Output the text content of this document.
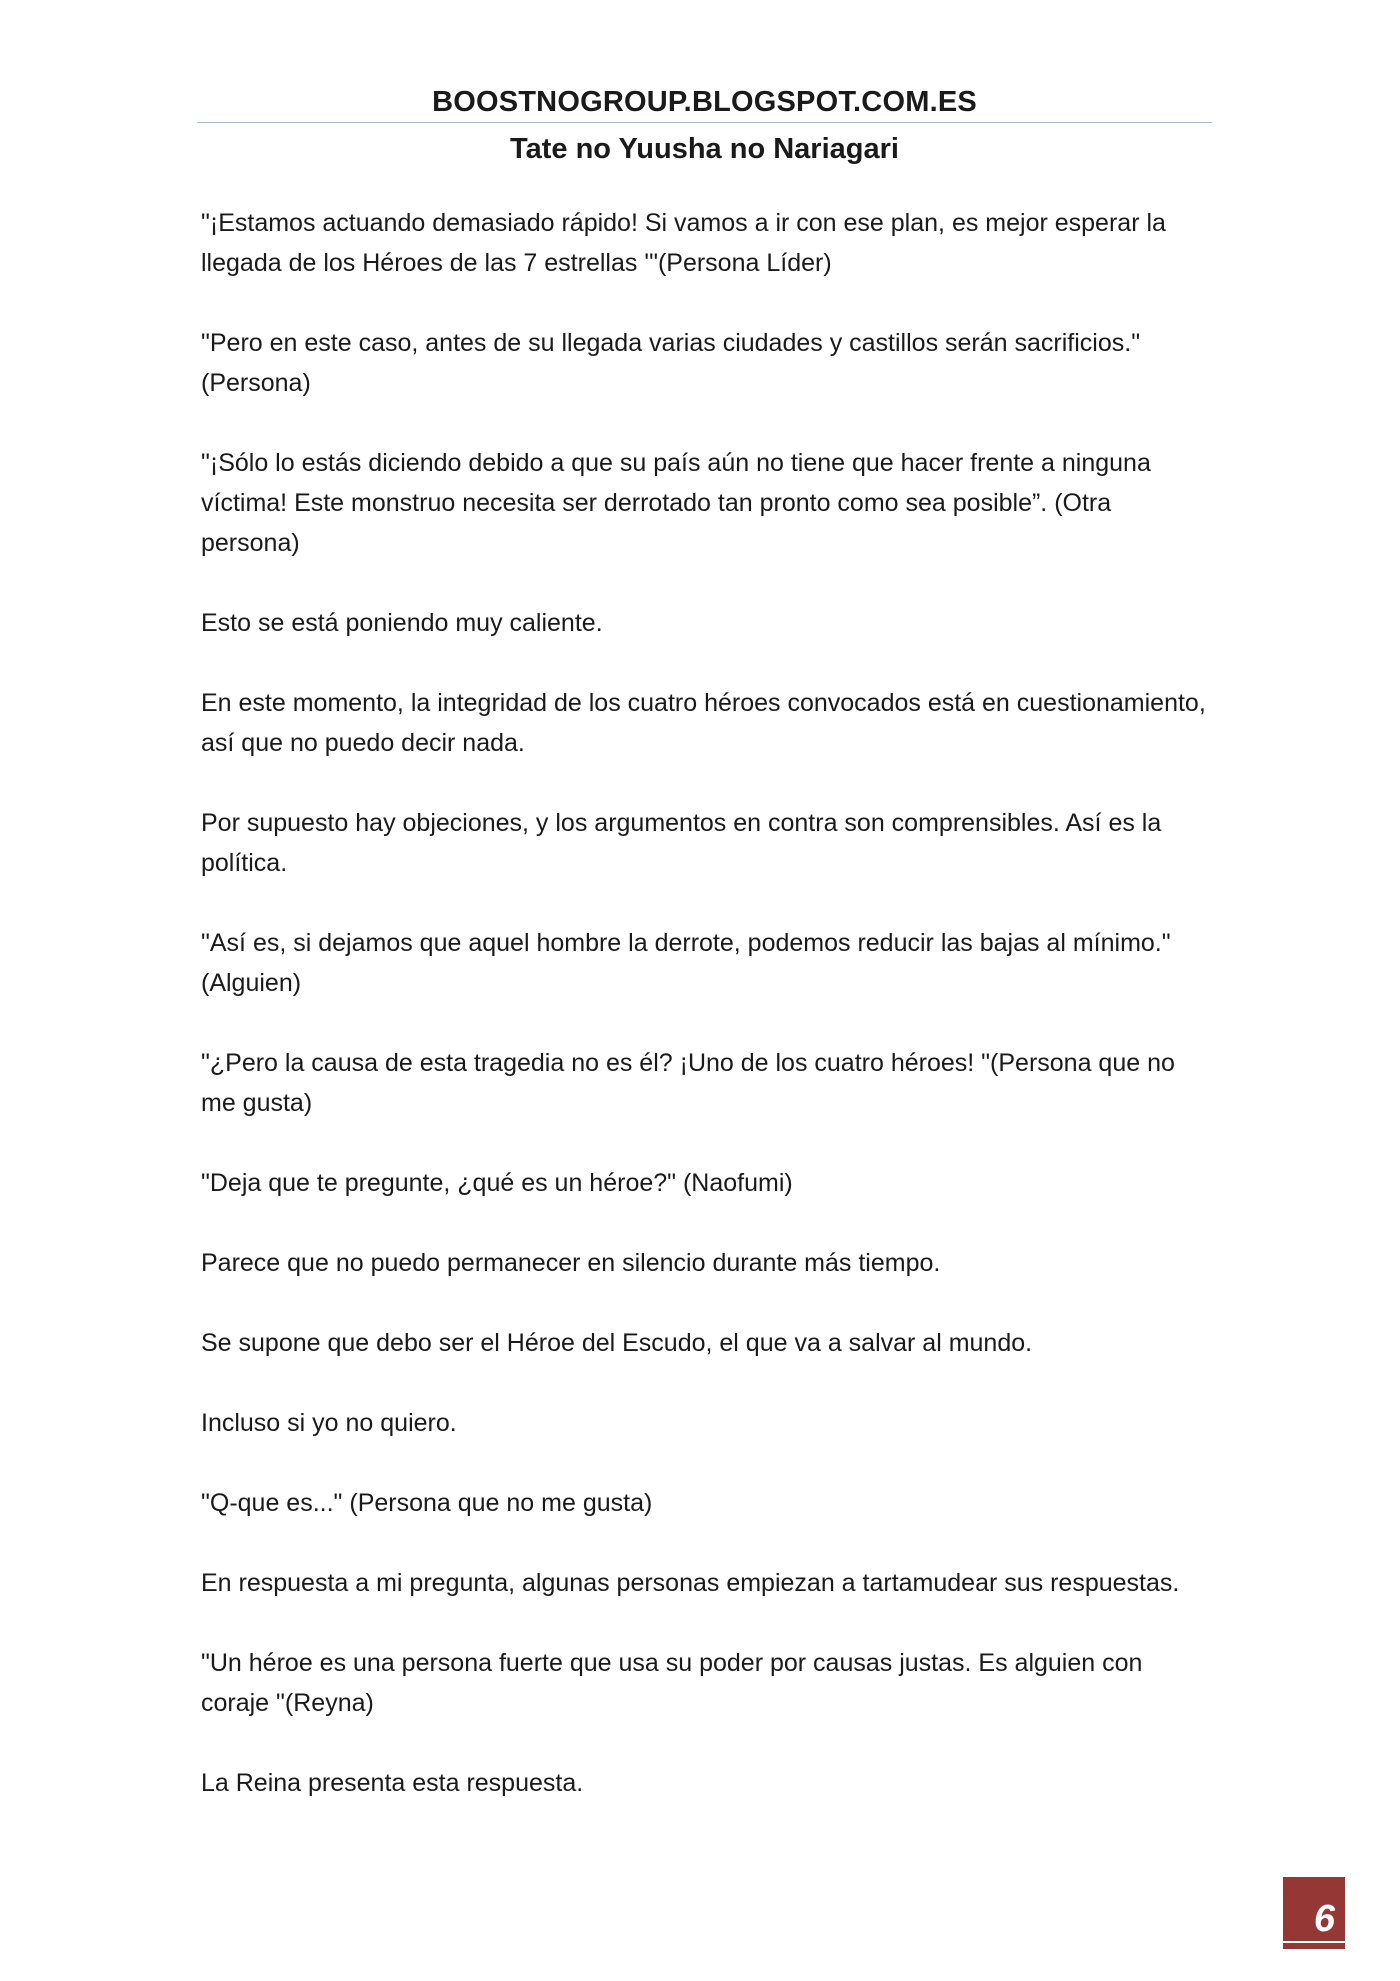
BOOSTNOGROUP.BLOGSPOT.COM.ES
Tate no Yuusha no Nariagari

"¡Estamos actuando demasiado rápido! Si vamos a ir con ese plan, es mejor esperar la llegada de los Héroes de las 7 estrellas '"(Persona Líder)

"Pero en este caso, antes de su llegada varias ciudades y castillos serán sacrificios." (Persona)

"¡Sólo lo estás diciendo debido a que su país aún no tiene que hacer frente a ninguna víctima! Este monstruo necesita ser derrotado tan pronto como sea posible”. (Otra persona)

Esto se está poniendo muy caliente.

En este momento, la integridad de los cuatro héroes convocados está en cuestionamiento, así que no puedo decir nada.

Por supuesto hay objeciones, y los argumentos en contra son comprensibles. Así es la política.

"Así es, si dejamos que aquel hombre la derrote, podemos reducir las bajas al mínimo." (Alguien)

"¿Pero la causa de esta tragedia no es él? ¡Uno de los cuatro héroes! "(Persona que no me gusta)

"Deja que te pregunte, ¿qué es un héroe?" (Naofumi)

Parece que no puedo permanecer en silencio durante más tiempo.

Se supone que debo ser el Héroe del Escudo, el que va a salvar al mundo.

Incluso si yo no quiero.

"Q-que es..." (Persona que no me gusta)

En respuesta a mi pregunta, algunas personas empiezan a tartamudear sus respuestas.

"Un héroe es una persona fuerte que usa su poder por causas justas. Es alguien con coraje "(Reyna)

La Reina presenta esta respuesta.

6
